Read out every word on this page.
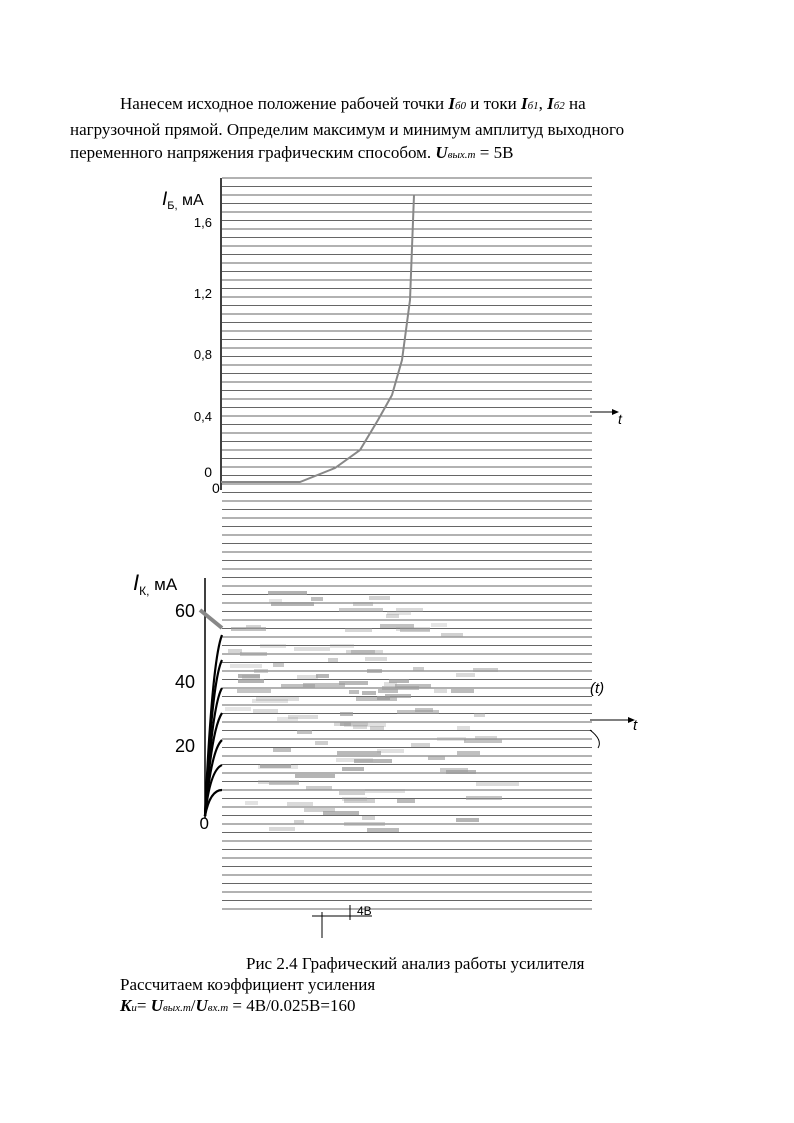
Нанесем исходное положение рабочей точки Iб0 и токи Iб1, Iб2 на
нагрузочной прямой. Определим максимум и минимум амплитуд выходного
переменного напряжения графическим способом. Uвых.m = 5В
$I_{Б,}$ $^{мА}$
1,6
1,2
0,8
0,4
0
0
t
$I_{К,}$ $^{мА}$
60
40
20
0
(t)
t
4В
Рис 2.4 Графический анализ работы усилителя
Рассчитаем коэффициент усиления
Ku= Uвых.m/Uвх.m = 4В/0.025В=160
